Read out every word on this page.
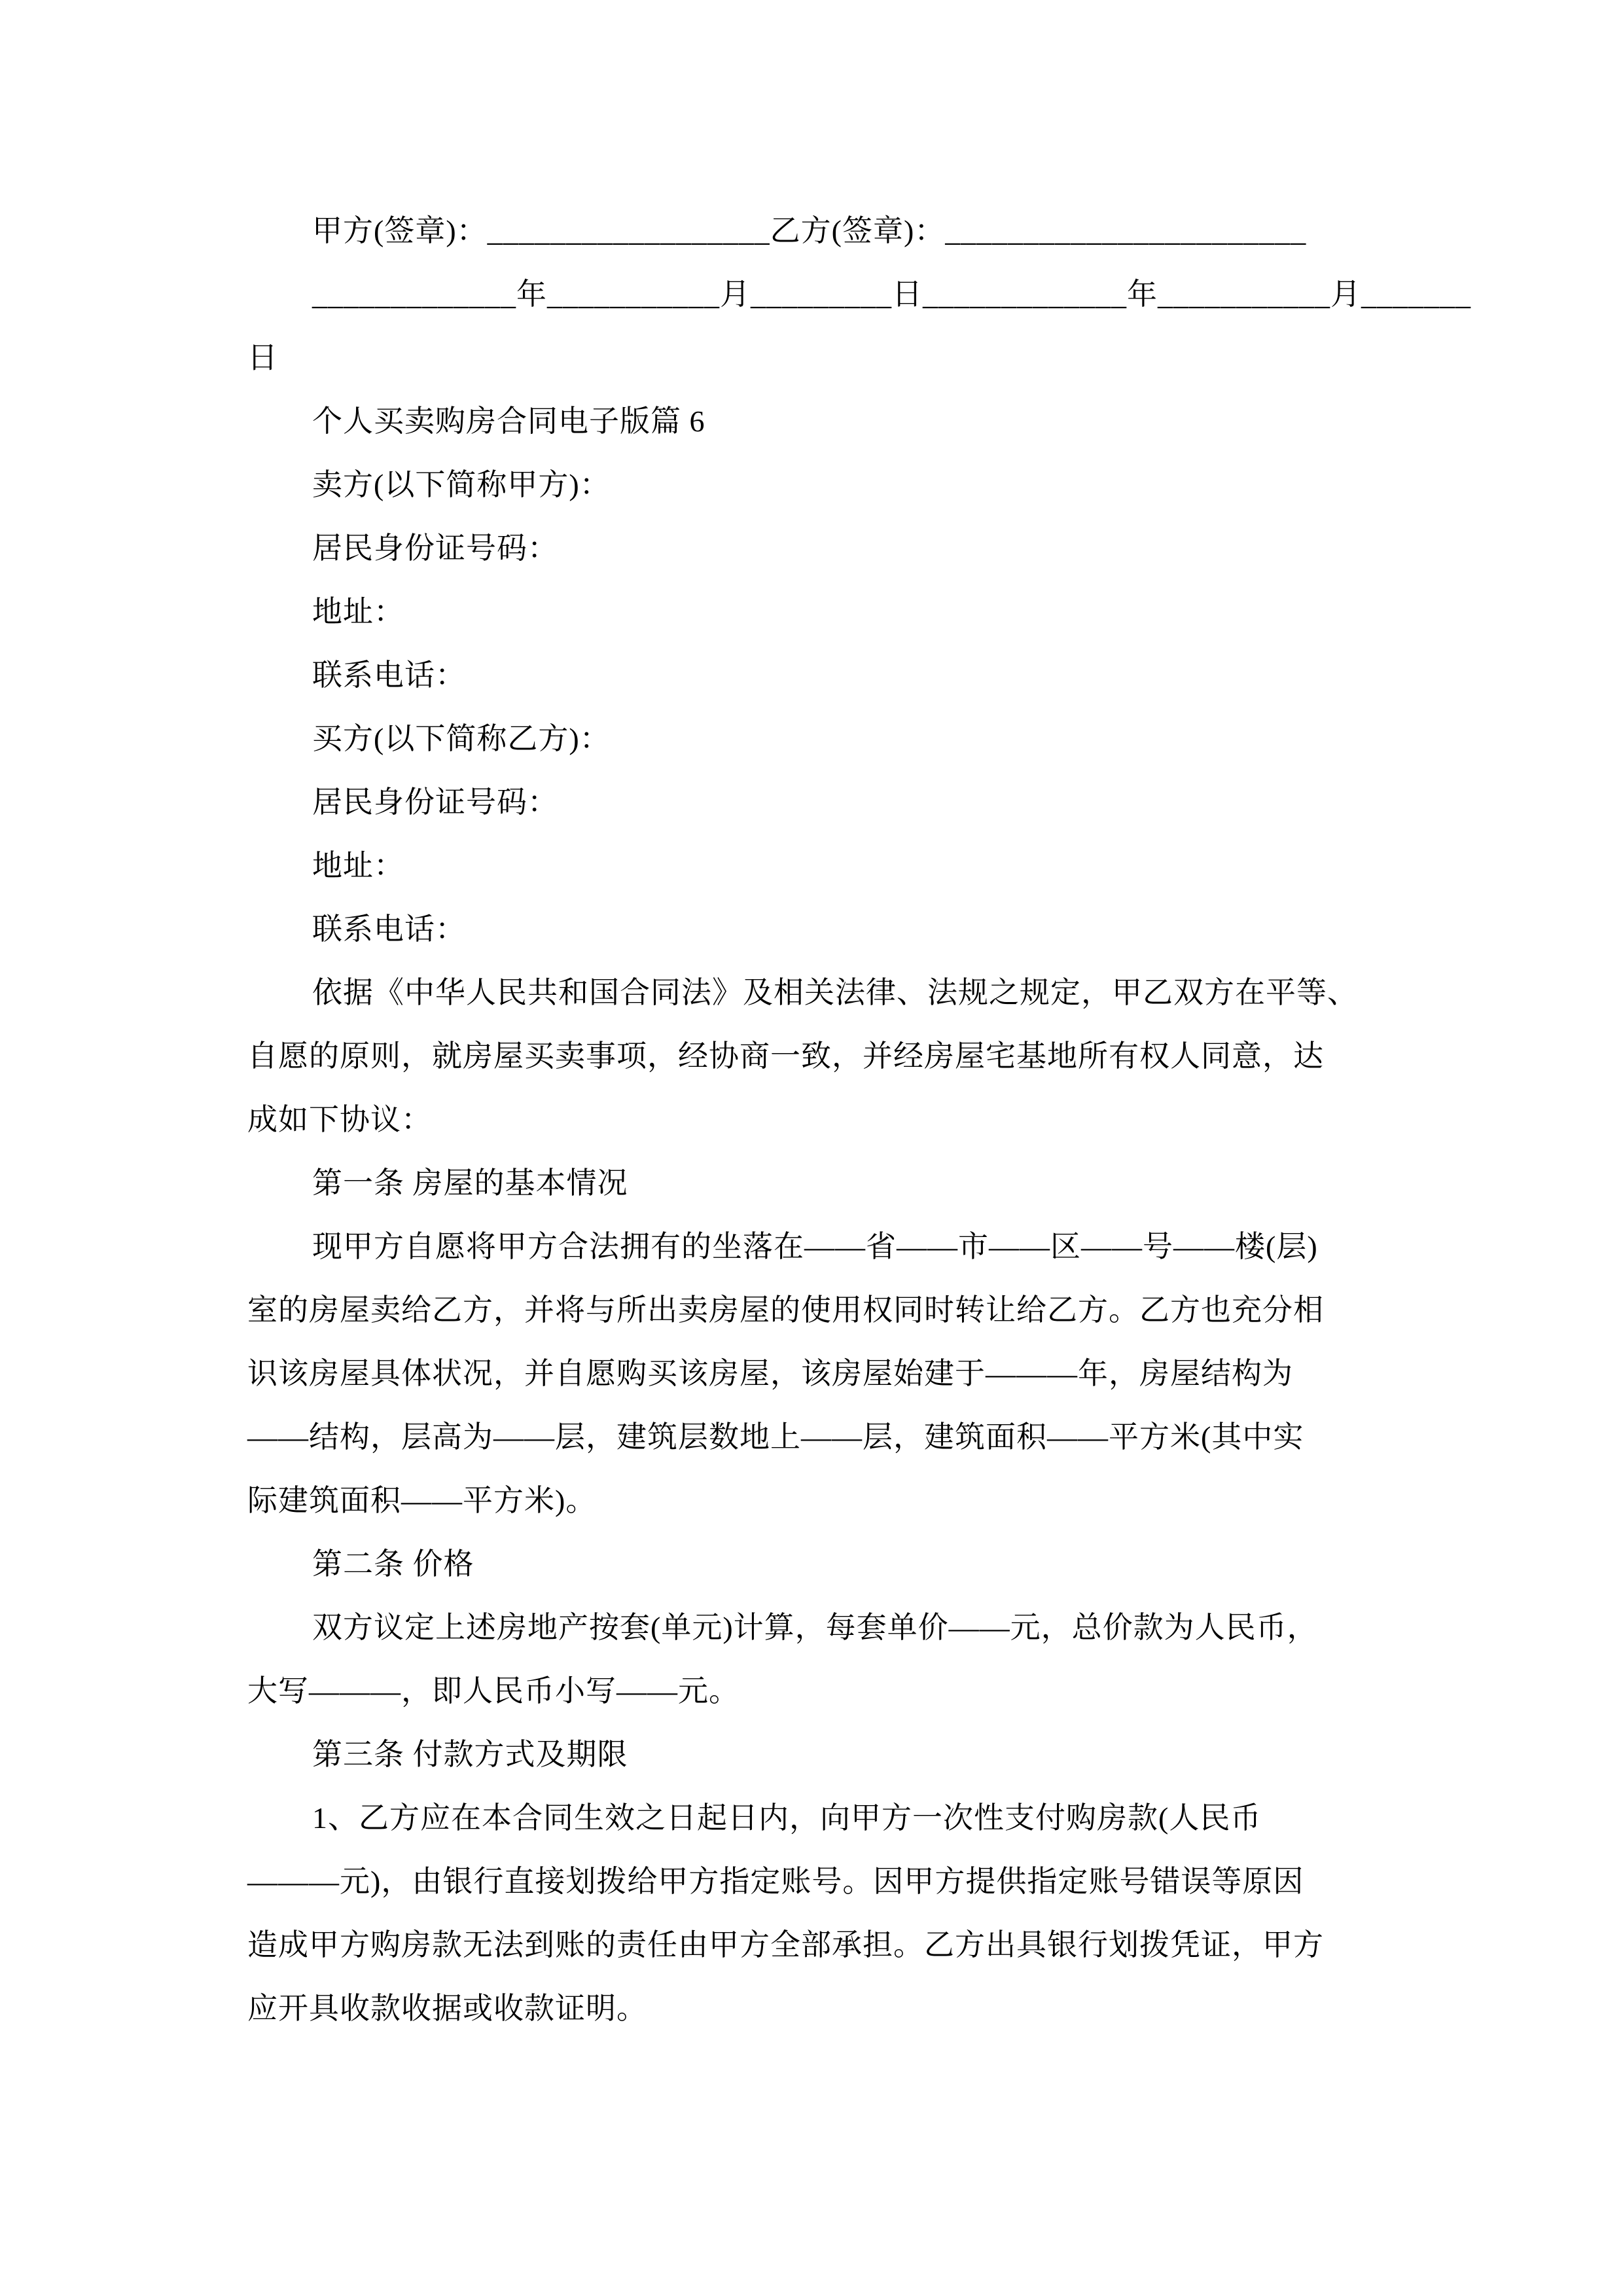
甲方(签章)：__________________乙方(签章)：_______________________
_____________年___________月_________日_____________年___________月_______
日
个人买卖购房合同电子版篇 6
卖方(以下简称甲方)：
居民身份证号码：
地址：
联系电话：
买方(以下简称乙方)：
居民身份证号码：
地址：
联系电话：
依据《中华人民共和国合同法》及相关法律、法规之规定，甲乙双方在平等、
自愿的原则，就房屋买卖事项，经协商一致，并经房屋宅基地所有权人同意，达
成如下协议：
第一条 房屋的基本情况
现甲方自愿将甲方合法拥有的坐落在——省——市——区——号——楼(层)
室的房屋卖给乙方，并将与所出卖房屋的使用权同时转让给乙方。乙方也充分相
识该房屋具体状况，并自愿购买该房屋，该房屋始建于———年，房屋结构为
——结构，层高为——层，建筑层数地上——层，建筑面积——平方米(其中实
际建筑面积——平方米)。
第二条 价格
双方议定上述房地产按套(单元)计算，每套单价——元，总价款为人民币，
大写———，即人民币小写——元。
第三条 付款方式及期限
1、乙方应在本合同生效之日起日内，向甲方一次性支付购房款(人民币
———元)，由银行直接划拨给甲方指定账号。因甲方提供指定账号错误等原因
造成甲方购房款无法到账的责任由甲方全部承担。乙方出具银行划拨凭证，甲方
应开具收款收据或收款证明。
